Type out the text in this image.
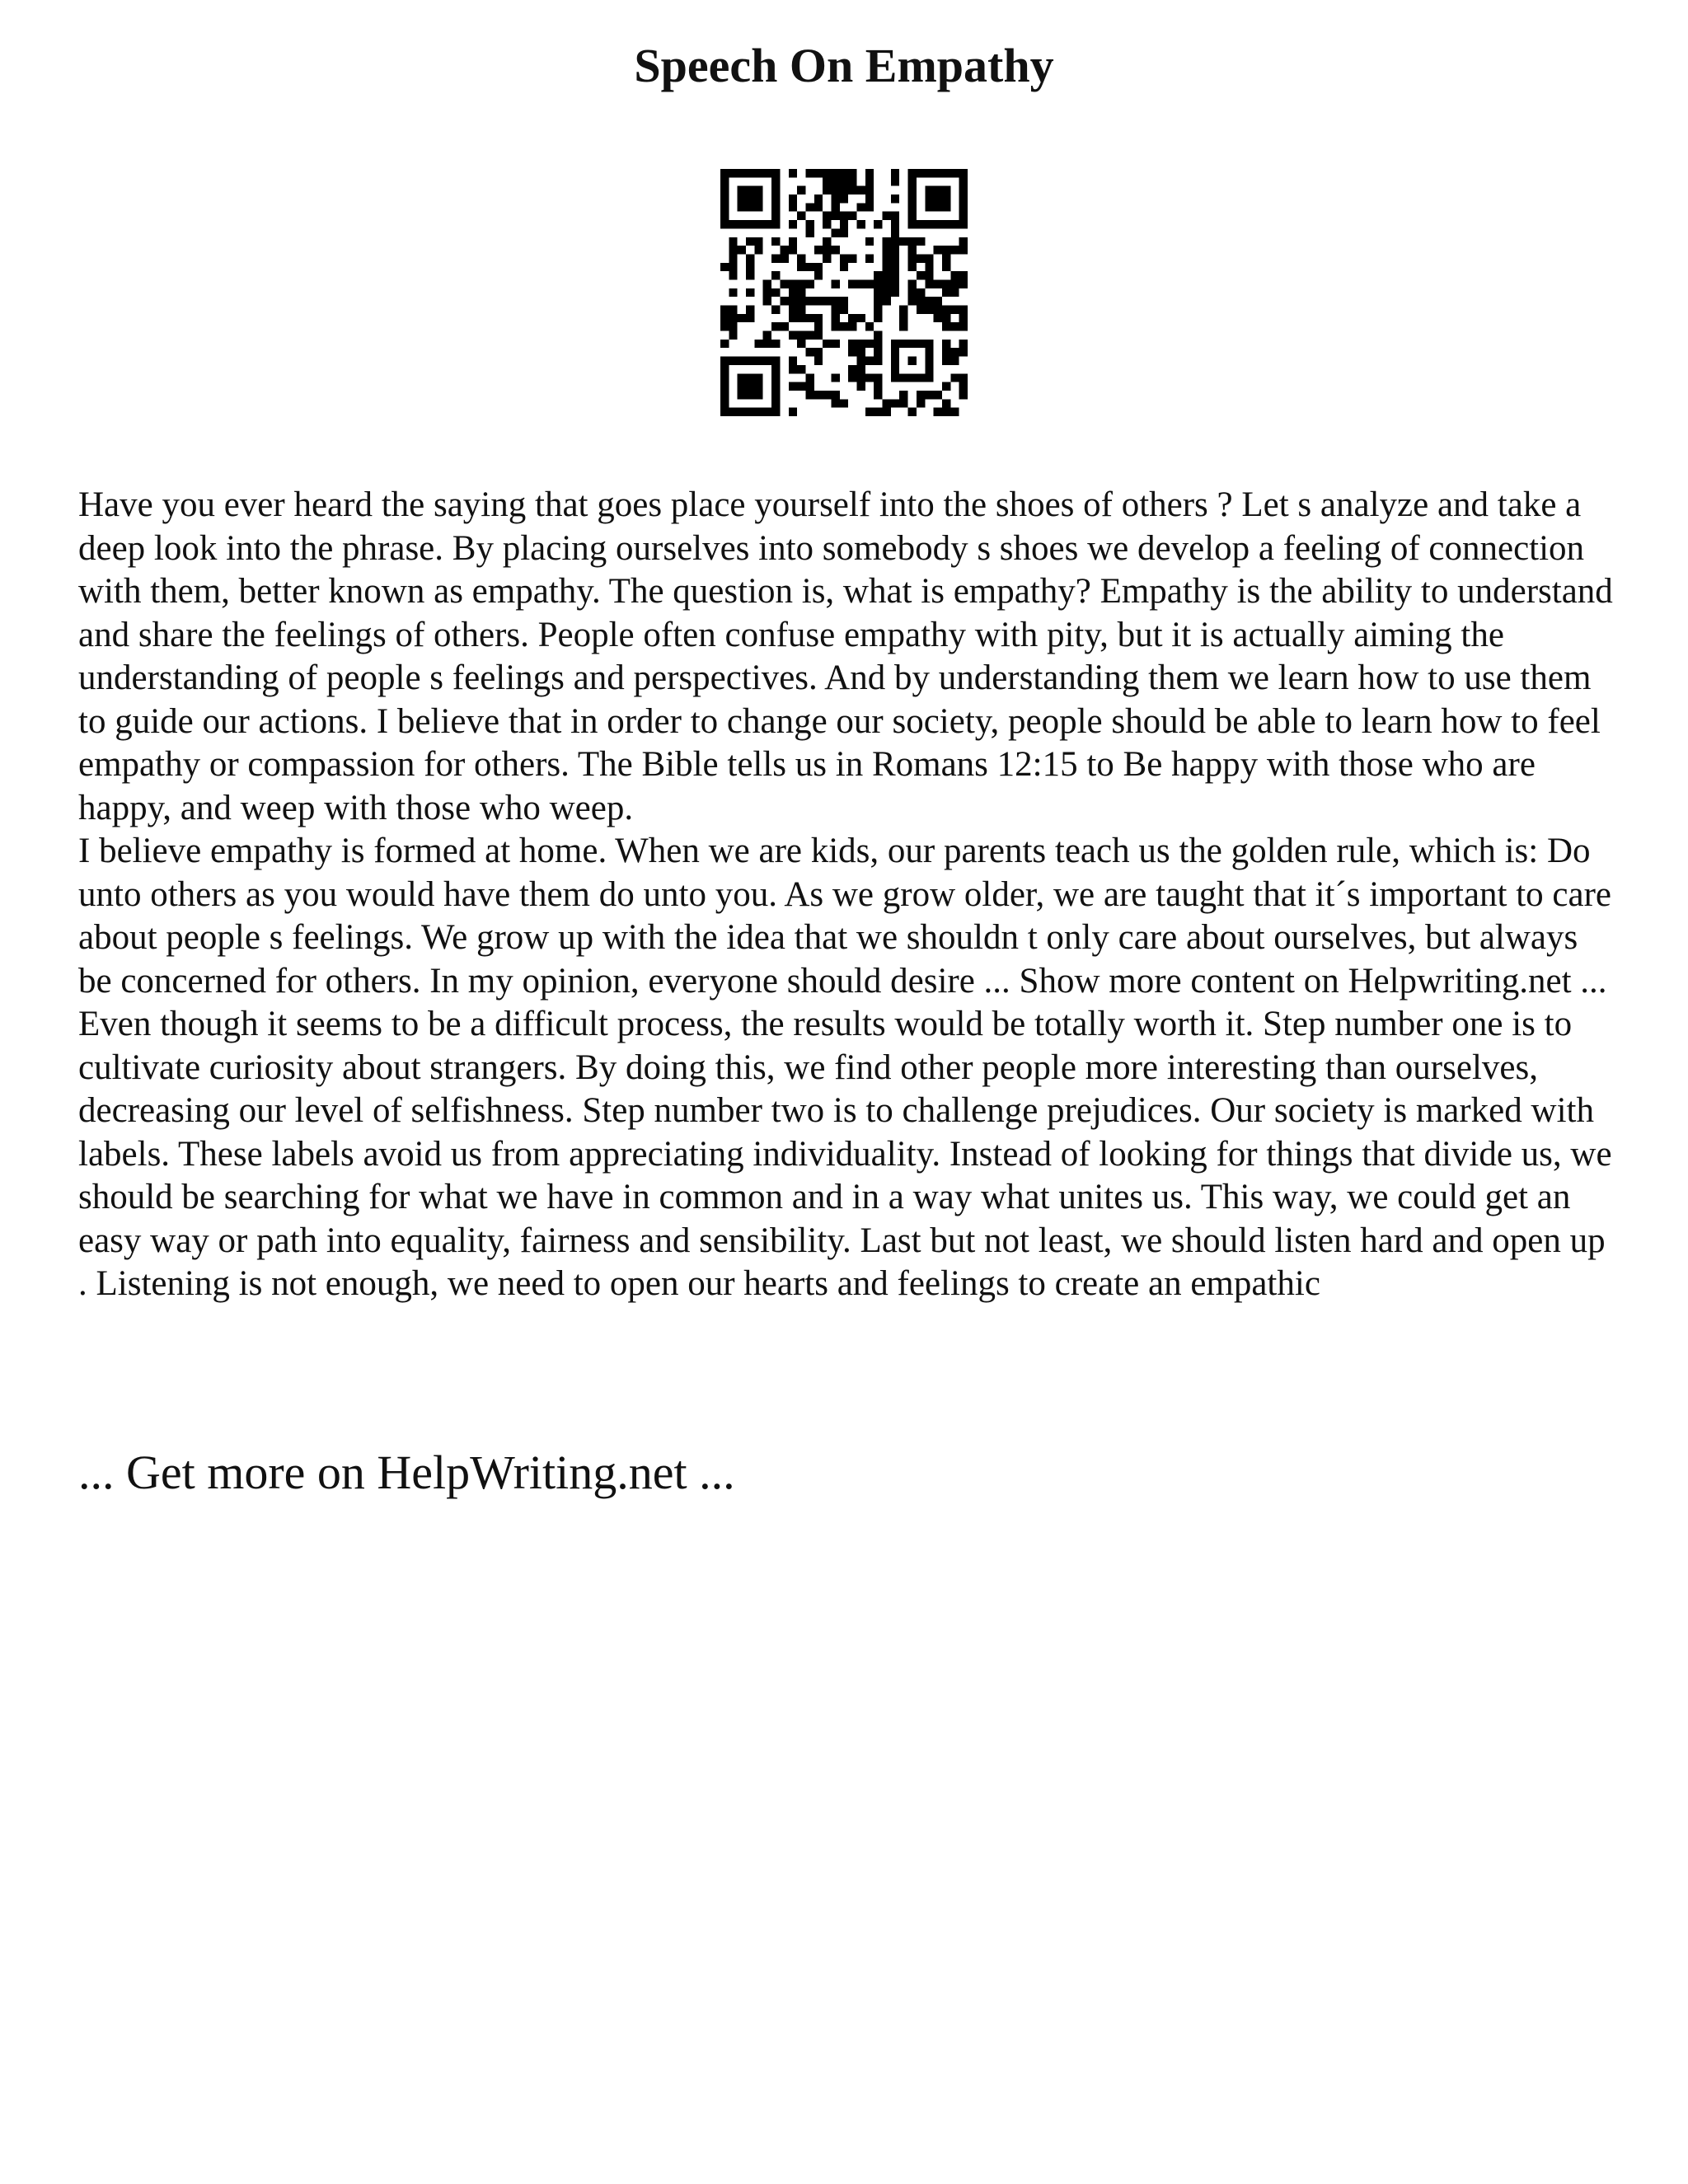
Speech On Empathy

Have you ever heard the saying that goes place yourself into the shoes of others ? Let s analyze and take a deep look into the phrase. By placing ourselves into somebody s shoes we develop a feeling of connection with them, better known as empathy. The question is, what is empathy? Empathy is the ability to understand and share the feelings of others. People often confuse empathy with pity, but it is actually aiming the understanding of people s feelings and perspectives. And by understanding them we learn how to use them to guide our actions. I believe that in order to change our society, people should be able to learn how to feel empathy or compassion for others. The Bible tells us in Romans 12:15 to Be happy with those who are happy, and weep with those who weep.

I believe empathy is formed at home. When we are kids, our parents teach us the golden rule, which is: Do unto others as you would have them do unto you. As we grow older, we are taught that it´s important to care about people s feelings. We grow up with the idea that we shouldn t only care about ourselves, but always be concerned for others. In my opinion, everyone should desire ... Show more content on Helpwriting.net ...

Even though it seems to be a difficult process, the results would be totally worth it. Step number one is to cultivate curiosity about strangers. By doing this, we find other people more interesting than ourselves, decreasing our level of selfishness. Step number two is to challenge prejudices. Our society is marked with labels. These labels avoid us from appreciating individuality. Instead of looking for things that divide us, we should be searching for what we have in common and in a way what unites us. This way, we could get an easy way or path into equality, fairness and sensibility. Last but not least, we should listen hard and open up . Listening is not enough, we need to open our hearts and feelings to create an empathic

... Get more on HelpWriting.net ...
